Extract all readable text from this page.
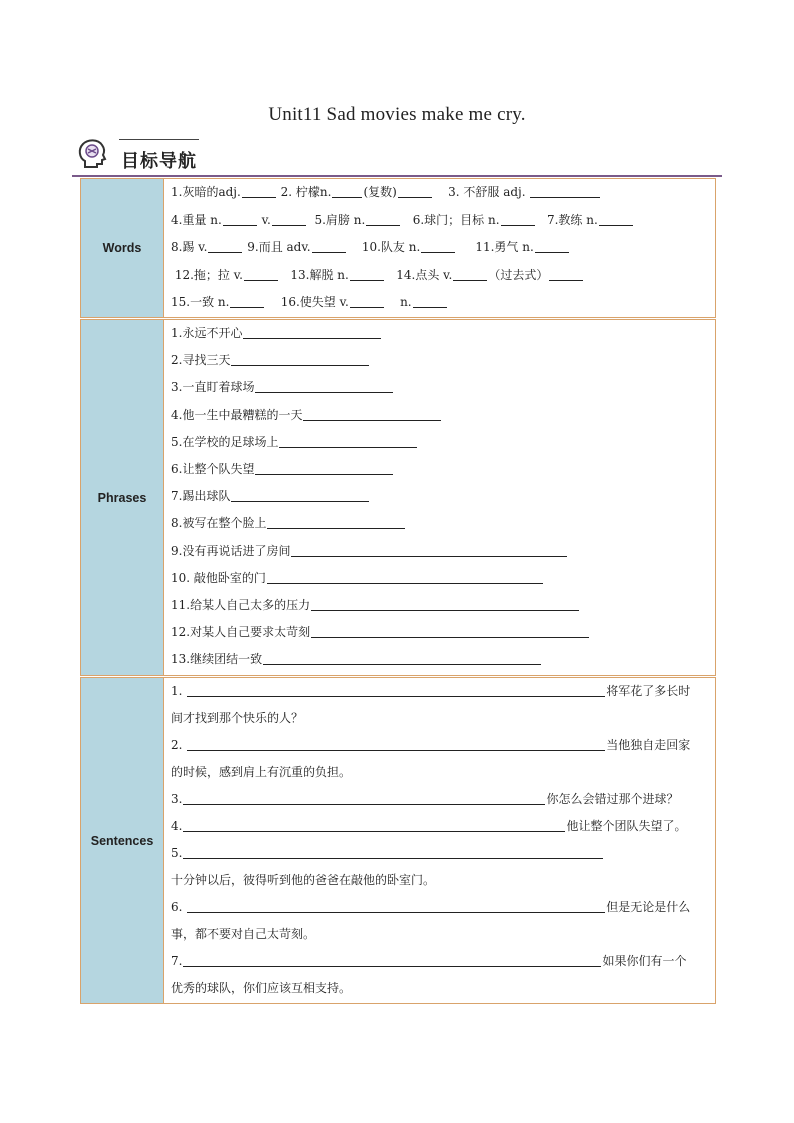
Unit11 Sad movies make me cry.
目标导航
Words
1.灰暗的adj.	2. 柠檬n.	(复数)	3. 不舒服 adj.
4.重量 n.	v.	5.肩膀 n.	6.球门；目标 n.	7.教练 n.
8.踢 v.	9.而且 adv.	10.队友 n.	11.勇气 n.
12.拖；拉 v.	13.解脱 n.	14.点头 v.	（过去式）
15.一致 n.	16.使失望 v.	n.
Phrases
1.永远不开心
2.寻找三天
3.一直盯着球场
4.他一生中最糟糕的一天
5.在学校的足球场上
6.让整个队失望
7.踢出球队
8.被写在整个脸上
9.没有再说话进了房间
10. 敲他卧室的门
11.给某人自己太多的压力
12.对某人自己要求太苛刻
13.继续团结一致
Sentences
1.	将军花了多长时
间才找到那个快乐的人？
2.	当他独自走回家
的时候，感到肩上有沉重的负担。
3.	你怎么会错过那个进球？
4.	他让整个团队失望了。
5.
十分钟以后，彼得听到他的爸爸在敲他的卧室门。
6.	但是无论是什么
事，都不要对自己太苛刻。
7.	如果你们有一个
优秀的球队，你们应该互相支持。
